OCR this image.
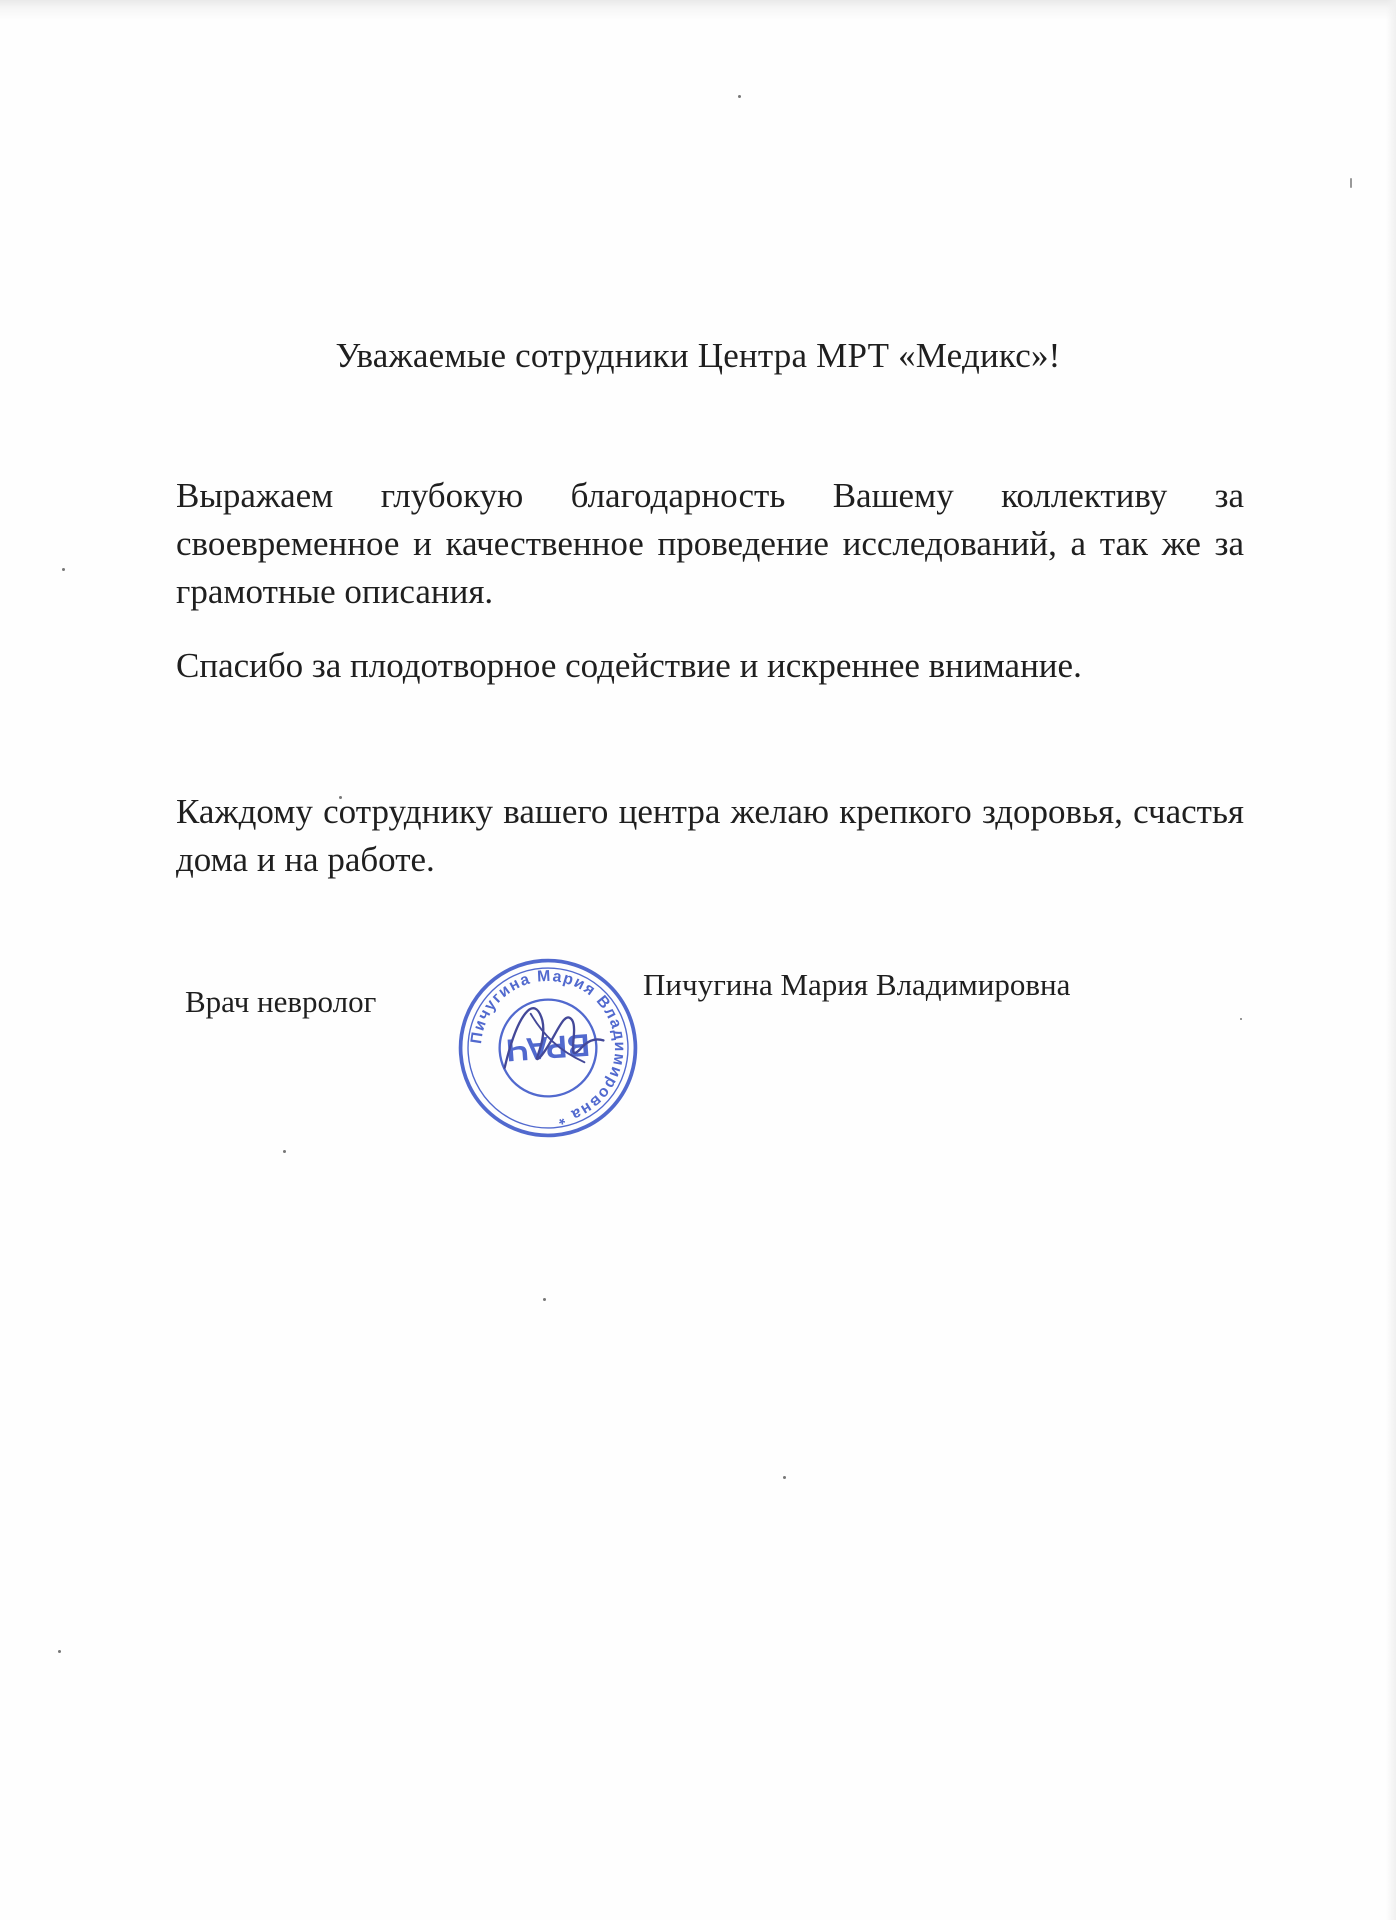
Уважаемые сотрудники Центра МРТ «Медикс»!
Выражаем глубокую благодарность Вашему коллективу за своевременное и качественное проведение исследований, а так же за грамотные описания.
Спасибо за плодотворное содействие и искреннее внимание.
Каждому сотруднику вашего центра желаю крепкого здоровья, счастья дома и на работе.
Врач невролог
Пичугина Мария Владимировна *
ВРАЧ
Пичугина Мария Владимировна
